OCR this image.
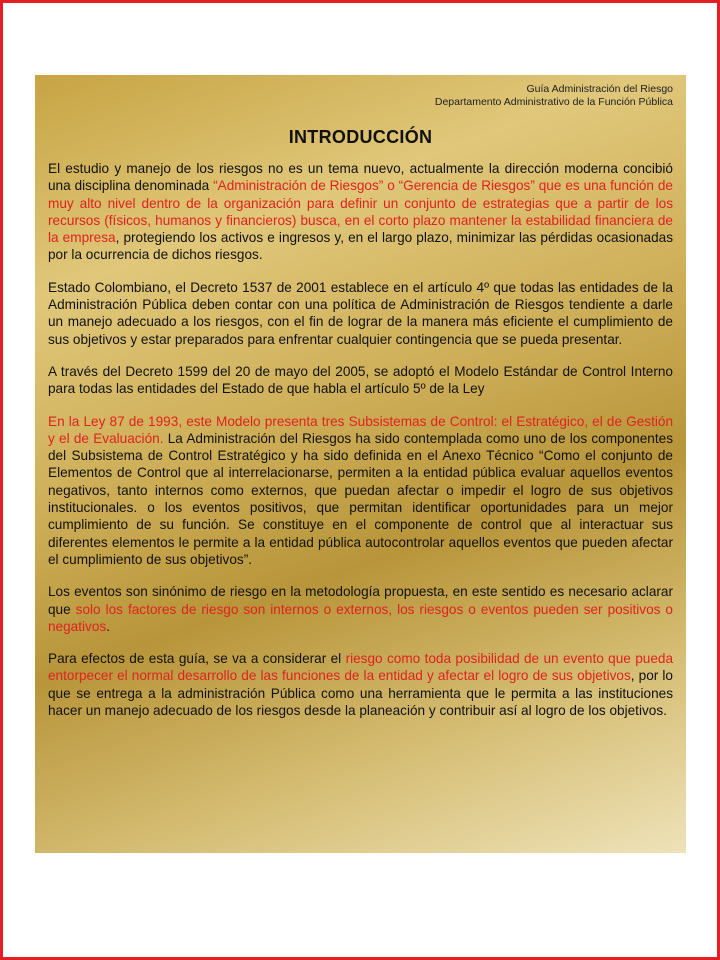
Guía Administración del Riesgo
Departamento Administrativo de la Función Pública
INTRODUCCIÓN

El estudio y manejo de los riesgos no es un tema nuevo, actualmente la dirección moderna concibió una disciplina denominada “Administración de Riesgos” o “Gerencia de Riesgos” que es una función de muy alto nivel dentro de la organización para definir un conjunto de estrategias que a partir de los recursos (físicos, humanos y financieros) busca, en el corto plazo mantener la estabilidad financiera de la empresa, protegiendo los activos e ingresos y, en el largo plazo, minimizar las pérdidas ocasionadas por la ocurrencia de dichos riesgos.

Estado Colombiano, el Decreto 1537 de 2001 establece en el artículo 4º que todas las entidades de la Administración Pública deben contar con una política de Administración de Riesgos tendiente a darle un manejo adecuado a los riesgos, con el fin de lograr de la manera más eficiente el cumplimiento de sus objetivos y estar preparados para enfrentar cualquier contingencia que se pueda presentar.

A través del Decreto 1599 del 20 de mayo del 2005, se adoptó el Modelo Estándar de Control Interno para todas las entidades del Estado de que habla el artículo 5º de la Ley

En la Ley 87 de 1993, este Modelo presenta tres Subsistemas de Control: el Estratégico, el de Gestión y el de Evaluación. La Administración del Riesgos ha sido contemplada como uno de los componentes del Subsistema de Control Estratégico y ha sido definida en el Anexo Técnico “Como el conjunto de Elementos de Control que al interrelacionarse, permiten a la entidad pública evaluar aquellos eventos negativos, tanto internos como externos, que puedan afectar o impedir el logro de sus objetivos institucionales. o los eventos positivos, que permitan identificar oportunidades para un mejor cumplimiento de su función. Se constituye en el componente de control que al interactuar sus diferentes elementos le permite a la entidad pública autocontrolar aquellos eventos que pueden afectar el cumplimiento de sus objetivos”.

Los eventos son sinónimo de riesgo en la metodología propuesta, en este sentido es necesario aclarar que solo los factores de riesgo son internos o externos, los riesgos o eventos pueden ser positivos o negativos.

Para efectos de esta guía, se va a considerar el riesgo como toda posibilidad de un evento que pueda entorpecer el normal desarrollo de las funciones de la entidad y afectar el logro de sus objetivos, por lo que se entrega a la administración Pública como una herramienta que le permita a las instituciones hacer un manejo adecuado de los riesgos desde la planeación y contribuir así al logro de los objetivos.
